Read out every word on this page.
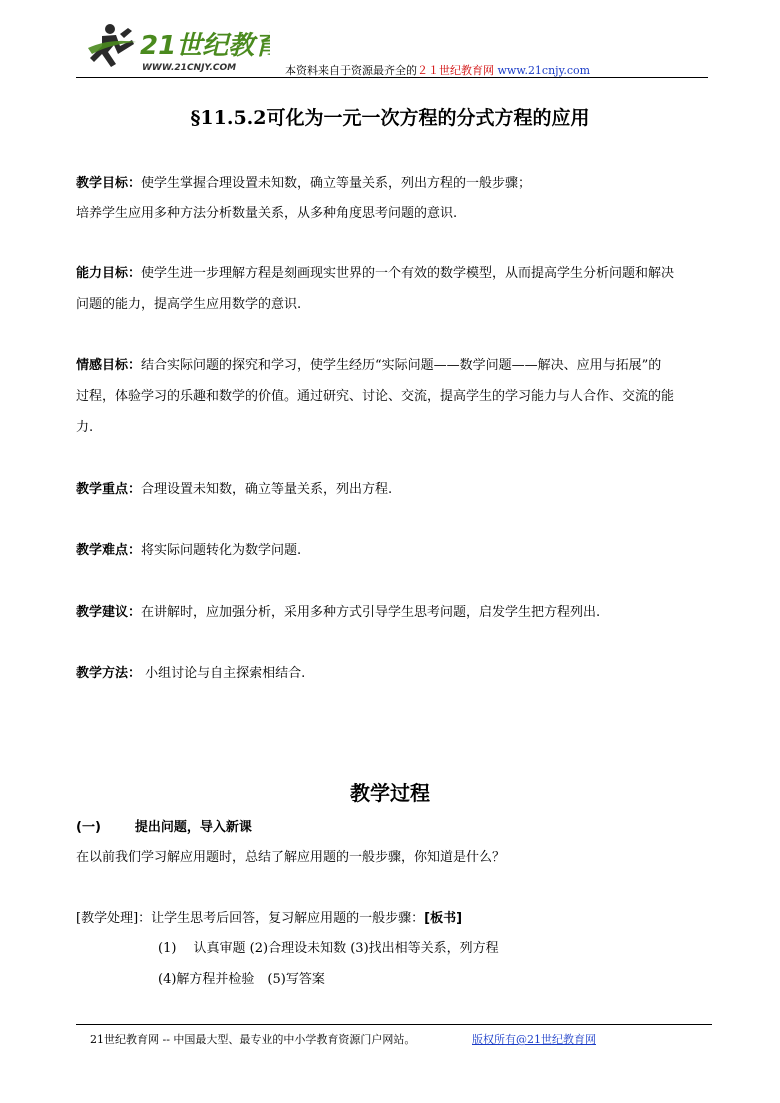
21世纪教育
WWW.21CNJY.COM	本资料来自于资源最齐全的２１世纪教育网 www.21cnjy.com
§11.5.2可化为一元一次方程的分式方程的应用
教学目标：使学生掌握合理设置未知数，确立等量关系，列出方程的一般步骤；
培养学生应用多种方法分析数量关系，从多种角度思考问题的意识.
能力目标：使学生进一步理解方程是刻画现实世界的一个有效的数学模型，从而提高学生分析问题和解决
问题的能力，提高学生应用数学的意识.
情感目标：结合实际问题的探究和学习，使学生经历“实际问题——数学问题——解决、应用与拓展”的
过程，体验学习的乐趣和数学的价值。通过研究、讨论、交流，提高学生的学习能力与人合作、交流的能
力.
教学重点：合理设置未知数，确立等量关系，列出方程.
教学难点：将实际问题转化为数学问题.
教学建议：在讲解时，应加强分析，采用多种方式引导学生思考问题，启发学生把方程列出.
教学方法： 小组讨论与自主探索相结合.
教学过程
(一)	提出问题，导入新课
在以前我们学习解应用题时，总结了解应用题的一般步骤，你知道是什么？
[教学处理]：让学生思考后回答，复习解应用题的一般步骤：[板书]
(1)　 认真审题 (2)合理设未知数 (3)找出相等关系，列方程
(4)解方程并检验　(5)写答案
21世纪教育网 -- 中国最大型、最专业的中小学教育资源门户网站。	版权所有@21世纪教育网
